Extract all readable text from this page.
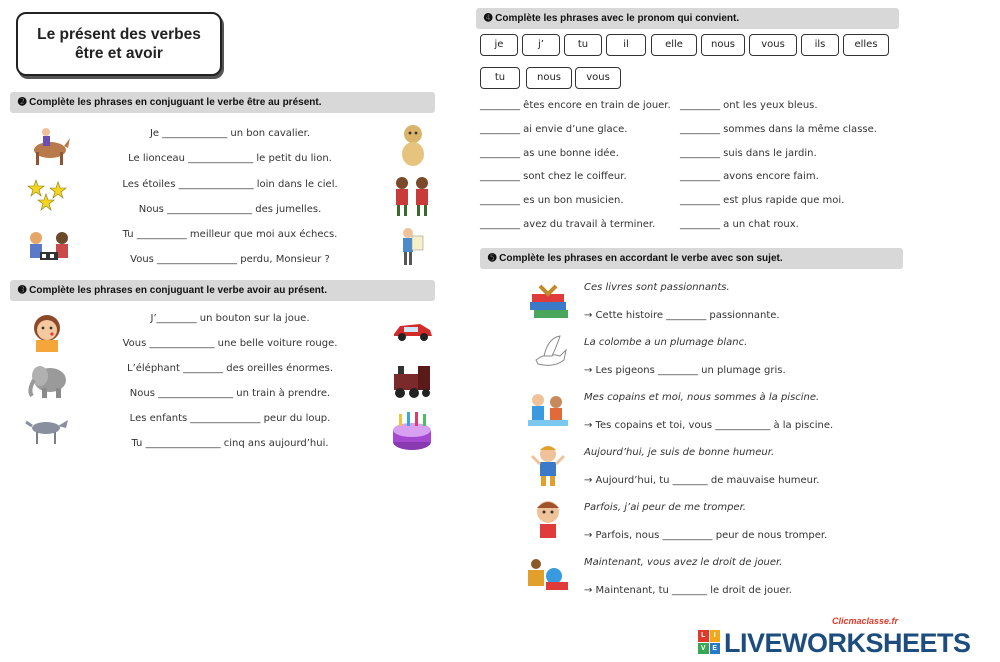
Le présent des verbes
être et avoir
➋ Complète les phrases en conjuguant le verbe être au présent.
Je _____________ un bon cavalier.
Le lionceau _____________ le petit du lion.
Les étoiles _______________ loin dans le ciel.
Nous _________________ des jumelles.
Tu __________ meilleur que moi aux échecs.
Vous ________________ perdu, Monsieur ?
➌ Complète les phrases en conjuguant le verbe avoir au présent.
J’________ un bouton sur la joue.
Vous _____________ une belle voiture rouge.
L’éléphant ________ des oreilles énormes.
Nous _______________ un train à prendre.
Les enfants ______________ peur du loup.
Tu _______________ cinq ans aujourd’hui.
➍ Complète les phrases avec le pronom qui convient.
je	j’	tu	il	elle	nous	vous	ils	elles
tu	nous	vous
________ êtes encore en train de jouer.
________ ai envie d’une glace.
________ as une bonne idée.
________ sont chez le coiffeur.
________ es un bon musicien.
________ avez du travail à terminer.
________ ont les yeux bleus.
________ sommes dans la même classe.
________ suis dans le jardin.
________ avons encore faim.
________ est plus rapide que moi.
________ a un chat roux.
➎ Complète les phrases en accordant le verbe avec son sujet.
Ces livres sont passionnants.
→ Cette histoire ________ passionnante.
La colombe a un plumage blanc.
→ Les pigeons ________ un plumage gris.
Mes copains et moi, nous sommes à la piscine.
→ Tes copains et toi, vous ___________ à la piscine.
Aujourd’hui, je suis de bonne humeur.
→ Aujourd’hui, tu _______ de mauvaise humeur.
Parfois, j’ai peur de me tromper.
→ Parfois, nous __________ peur de nous tromper.
Maintenant, vous avez le droit de jouer.
→ Maintenant, tu _______ le droit de jouer.
Clicmaclasse.fr
L	I
V E LIVEWORKSHEETS
